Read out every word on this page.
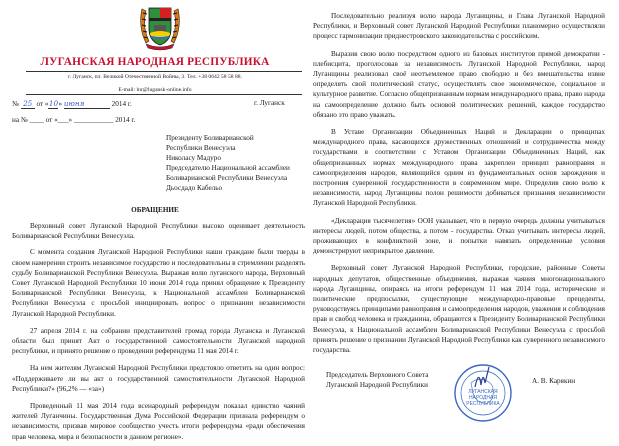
ЛУГАНСКАЯ НАРОДНАЯ РЕСПУБЛИКА
г. Луганск, пл. Великой Отечественной Войны, 3. Тел. +38 0642 58 58 88.
E-mail: lnr@lugansk-online.info
№ 25 от «10» июня	2014 г.	г. Луганск
на № ____ от «___» ___________ 2014 г.
Президенту Боливарианской
Республики Венесуэла
Николасу Мадуро
Председателю Национальной ассамблеи
Боливарианской Республики Венесуэла
Дьосдадо Кабельо
ОБРАЩЕНИЕ

Верховный совет Луганской Народной Республики высоко оценивает деятельность Боливарианской Республики Венесуэла.

С момента создания Луганской Народной Республики наши граждане были тверды в своем намерении строить независимое государство и последовательны в стремлении разделять судьбу Боливарианской Республики Венесуэла. Выражая волю луганского народа, Верховный Совет Луганской Народной Республики 10 июня 2014 года принял обращение к Президенту Боливарианской Республики Венесуэла, к Национальной ассамблеи Боливарианской Республики Венесуэла с просьбой инициировать вопрос о признании независимости Луганской Народной Республики.

27 апреля 2014 г. на собрании представителей громад города Луганска и Луганской области был принят Акт о государственной самостоятельности Луганской народной республики, и принято решение о проведении референдума 11 мая 2014 г.

На нем жителям Луганской Народной Республики предстояло ответить на один вопрос: «Поддерживаете ли вы акт о государственной самостоятельности Луганской Народной Республики?» (96,2% — «за»)

Проведенный 11 мая 2014 года всенародный референдум показал единство чаяний жителей Луганчины. Государственная Дума Российской Федерации признала референдум о независимости, призвав мировое сообщество учесть итоги референдума «ради обеспечения прав человека, мира и безопасности в данном регионе».

Последовательно реализуя волю народа Луганщины, и Глава Луганской Народной Республики, и Верховный совет Луганской Народной Республики планомерно осуществляли процесс гармонизации приднестровского законодательства с российским.

Выразив свою волю посредством одного из базовых институтов прямой демократии - плебисцита, проголосовав за независимость Луганской Народной Республики, народ Луганщины реализовал своё неотъемлемое право свободно и без вмешательства извне определять свой политический статус, осуществлять свое экономическое, социальное и культурное развитие. Согласно общепризнанным нормам международного права, право народа на самоопределение должно быть основой политических решений, каждое государство обязано это право уважать.

В Уставе Организации Объединенных Наций и Декларации о принципах международного права, касающихся дружественных отношений и сотрудничества между государствами в соответствии с Уставом Организации Объединенных Наций, как общепризнанных нормах международного права закреплен принцип равноправия и самоопределения народов, являющийся одним из фундаментальных основ зарождения и построения суверенной государственности в современном мире. Определив свою волю к независимости, народ Луганщины полон решимости добиваться признания независимости Луганской Народной Республики.

«Декларация тысячелетия» ООН указывает, что в первую очередь должны учитываться интересы людей, потом общества, а потом - государства. Отказ учитывать интересы людей, проживающих в конфликтной зоне, и попытки навязать определенные условия демонстрируют неприкрытое давление.

Верховный совет Луганской Народной Республики, городские, районные Советы народных депутатов, общественные объединения, выражая чаяния многонационального народа Луганщины, опираясь на итоги референдум 11 мая 2014 года, исторические и политические предпосылки, существующие международно-правовые прецеденты, руководствуясь принципами равноправия и самоопределения народов, уважения и соблюдения прав и свобод человека и гражданина, обращаются к Президенту Боливарианской Республики Венесуэла, к Национальной ассамблеи Боливарианской Республики Венесуэла с просьбой принять решение о признании Луганской Народной Республики как суверенного независимого государства.

Председатель Верховного Совета
Луганской Народной Республики	А. В. Карякин
ЛУГАНСКАЯ
НАРОДНАЯ
РЕСПУБЛИКА
